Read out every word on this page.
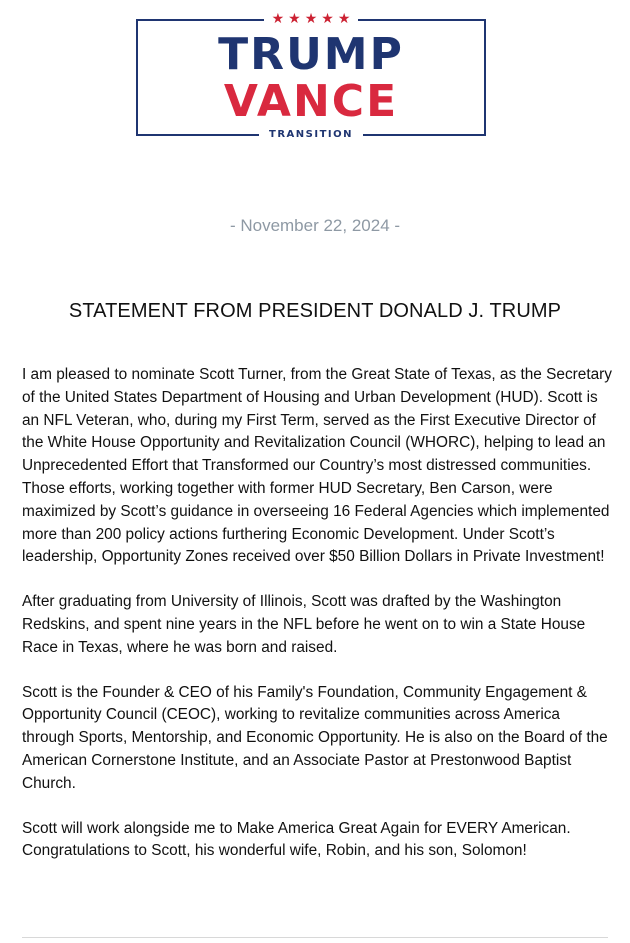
★★★★★
TRUMP
VANCE
TRANSITION
- November 22, 2024 -
STATEMENT FROM PRESIDENT DONALD J. TRUMP

I am pleased to nominate Scott Turner, from the Great State of Texas, as the Secretary of the United States Department of Housing and Urban Development (HUD). Scott is an NFL Veteran, who, during my First Term, served as the First Executive Director of the White House Opportunity and Revitalization Council (WHORC), helping to lead an Unprecedented Effort that Transformed our Country’s most distressed communities. Those efforts, working together with former HUD Secretary, Ben Carson, were maximized by Scott’s guidance in overseeing 16 Federal Agencies which implemented more than 200 policy actions furthering Economic Development. Under Scott’s leadership, Opportunity Zones received over $50 Billion Dollars in Private Investment!

After graduating from University of Illinois, Scott was drafted by the Washington Redskins, and spent nine years in the NFL before he went on to win a State House Race in Texas, where he was born and raised.

Scott is the Founder & CEO of his Family's Foundation, Community Engagement & Opportunity Council (CEOC), working to revitalize communities across America through Sports, Mentorship, and Economic Opportunity. He is also on the Board of the American Cornerstone Institute, and an Associate Pastor at Prestonwood Baptist Church.

Scott will work alongside me to Make America Great Again for EVERY American. Congratulations to Scott, his wonderful wife, Robin, and his son, Solomon!
